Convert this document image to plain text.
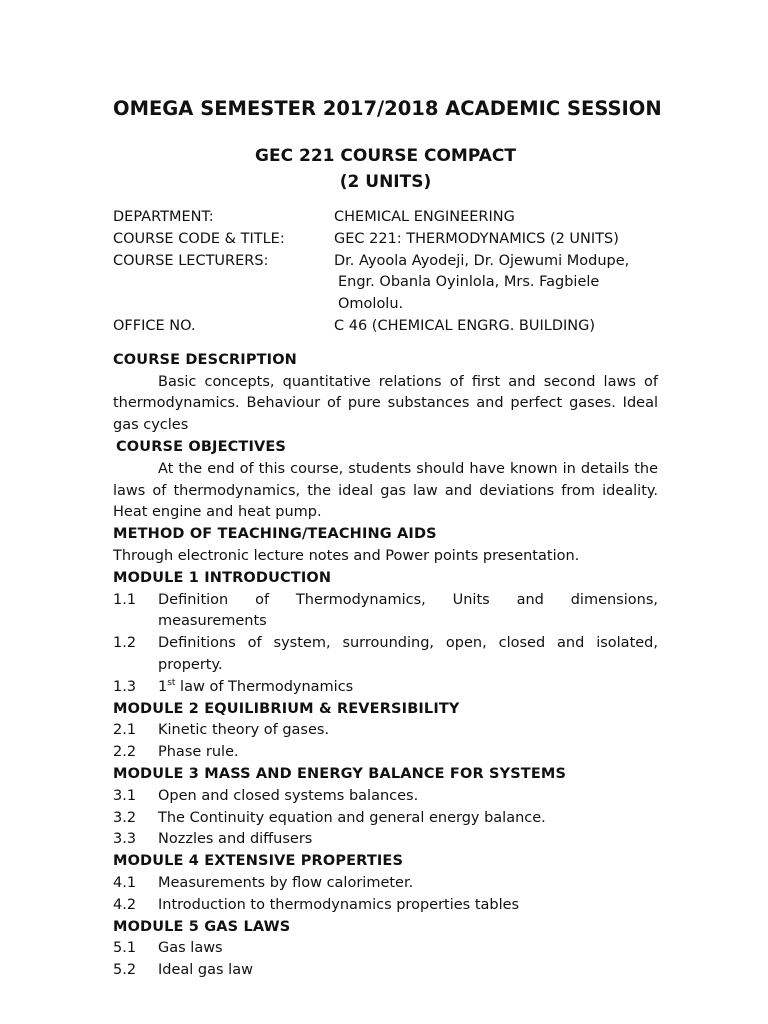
OMEGA SEMESTER 2017/2018 ACADEMIC SESSION
GEC 221 COURSE COMPACT
(2 UNITS)
DEPARTMENT:	CHEMICAL ENGINEERING
COURSE CODE & TITLE:	GEC 221: THERMODYNAMICS (2 UNITS)
COURSE LECTURERS:	Dr. Ayoola Ayodeji, Dr. Ojewumi Modupe,
Engr. Obanla Oyinlola, Mrs. Fagbiele
Omololu.
OFFICE NO.	C 46 (CHEMICAL ENGRG. BUILDING)
COURSE DESCRIPTION
Basic concepts, quantitative relations of first and second laws of thermodynamics. Behaviour of pure substances and perfect gases. Ideal gas cycles
COURSE OBJECTIVES
At the end of this course, students should have known in details the laws of thermodynamics, the ideal gas law and deviations from ideality. Heat engine and heat pump.
METHOD OF TEACHING/TEACHING AIDS
Through electronic lecture notes and Power points presentation.
MODULE 1 INTRODUCTION
1.1	Definition of Thermodynamics, Units and dimensions, measurements
1.2	Definitions of system, surrounding, open, closed and isolated, property.
1.3	1st law of Thermodynamics
MODULE 2 EQUILIBRIUM & REVERSIBILITY
2.1	Kinetic theory of gases.
2.2	Phase rule.
MODULE 3 MASS AND ENERGY BALANCE FOR SYSTEMS
3.1	Open and closed systems balances.
3.2	The Continuity equation and general energy balance.
3.3	Nozzles and diffusers
MODULE 4 EXTENSIVE PROPERTIES
4.1	Measurements by flow calorimeter.
4.2	Introduction to thermodynamics properties tables
MODULE 5 GAS LAWS
5.1	Gas laws
5.2	Ideal gas law
